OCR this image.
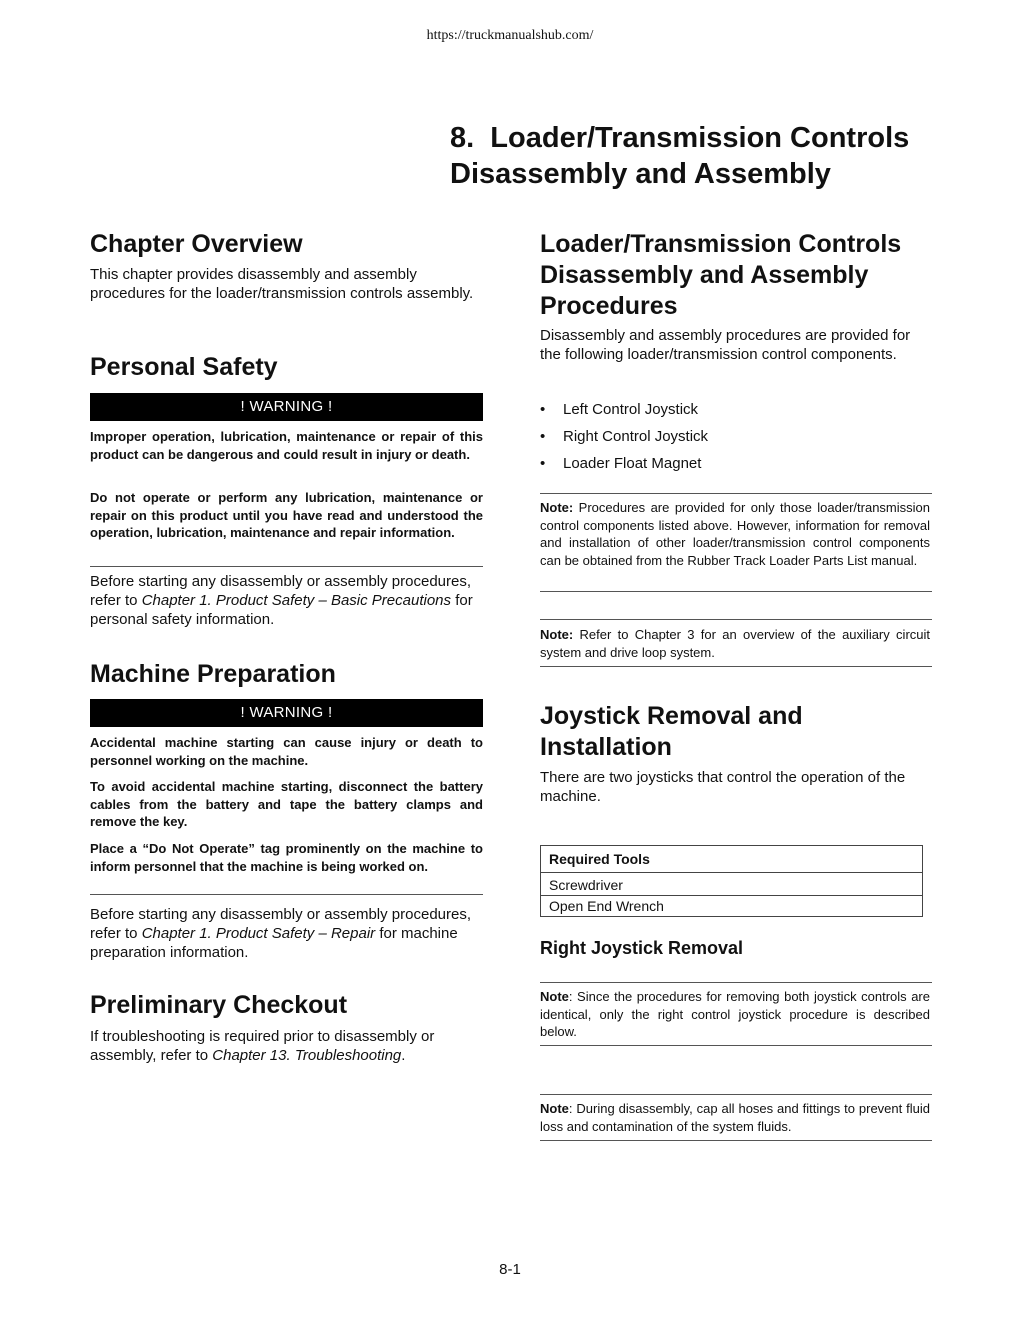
https://truckmanualshub.com/
8.  Loader/Transmission Controls
Disassembly and Assembly
Chapter Overview

This chapter provides disassembly and assembly procedures for the loader/transmission controls assembly.

Personal Safety
! WARNING !

Improper operation, lubrication, maintenance or repair of this product can be dangerous and could result in injury or death.

Do not operate or perform any lubrication, maintenance or repair on this product until you have read and understood the operation, lubrication, maintenance and repair information.

Before starting any disassembly or assembly procedures, refer to Chapter 1. Product Safety – Basic Precautions for personal safety information.

Machine Preparation
! WARNING !

Accidental machine starting can cause injury or death to personnel working on the machine.

To avoid accidental machine starting, disconnect the battery cables from the battery and tape the battery clamps and remove the key.

Place a “Do Not Operate” tag prominently on the machine to inform personnel that the machine is being worked on.

Before starting any disassembly or assembly procedures, refer to Chapter 1. Product Safety – Repair for machine preparation information.

Preliminary Checkout

If troubleshooting is required prior to disassembly or assembly, refer to Chapter 13. Troubleshooting.

Loader/Transmission Controls
Disassembly and Assembly
Procedures

Disassembly and assembly procedures are provided for the following loader/transmission control components.

• Left Control Joystick
• Right Control Joystick
• Loader Float Magnet

Note: Procedures are provided for only those loader/transmission control components listed above. However, information for removal and installation of other loader/transmission control components can be obtained from the Rubber Track Loader Parts List manual.

Note: Refer to Chapter 3 for an overview of the auxiliary circuit system and drive loop system.

Joystick Removal and
Installation

There are two joysticks that control the operation of the machine.

Required Tools
Screwdriver
Open End Wrench
Right Joystick Removal

Note: Since the procedures for removing both joystick controls are identical, only the right control joystick procedure is described below.

Note: During disassembly, cap all hoses and fittings to prevent fluid loss and contamination of the system fluids.

8-1
